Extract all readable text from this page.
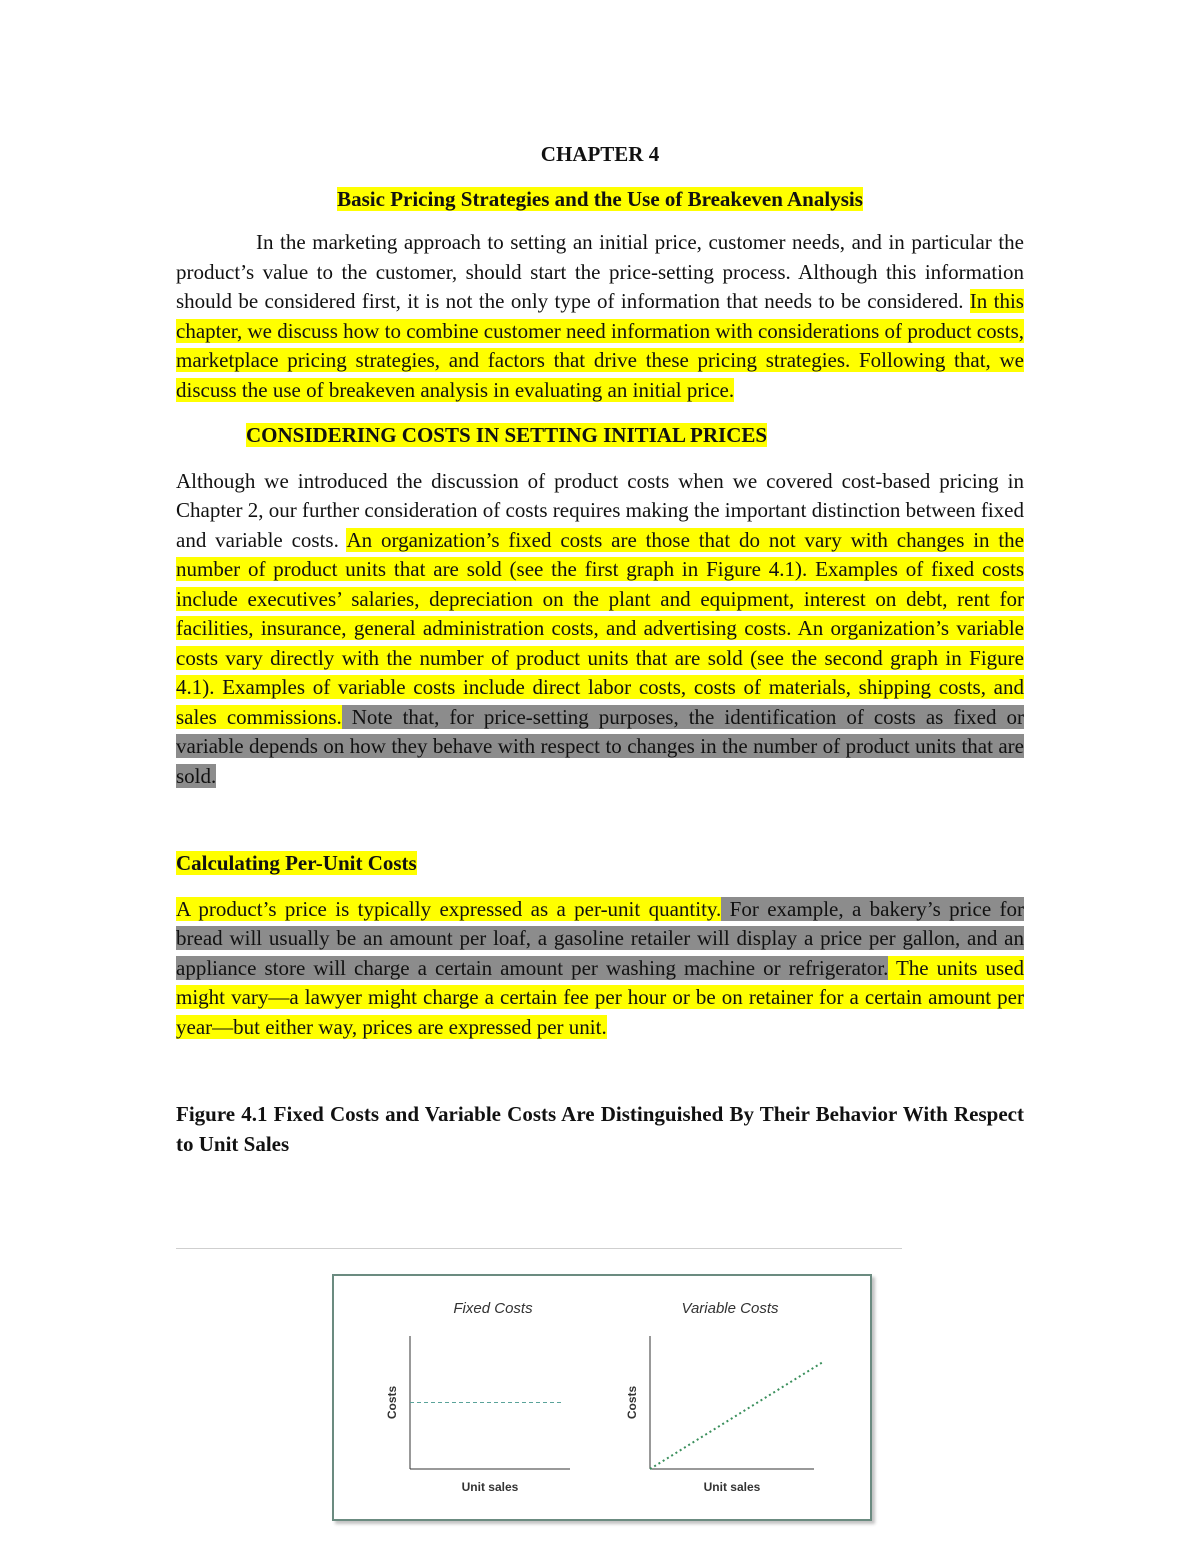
CHAPTER 4

Basic Pricing Strategies and the Use of Breakeven Analysis

In the marketing approach to setting an initial price, customer needs, and in particular the product’s value to the customer, should start the price-setting process. Although this information should be considered first, it is not the only type of information that needs to be considered. In this chapter, we discuss how to combine customer need information with considerations of product costs, marketplace pricing strategies, and factors that drive these pricing strategies. Following that, we discuss the use of breakeven analysis in evaluating an initial price.

CONSIDERING COSTS IN SETTING INITIAL PRICES

Although we introduced the discussion of product costs when we covered cost-based pricing in Chapter 2, our further consideration of costs requires making the important distinction between fixed and variable costs. An organization’s fixed costs are those that do not vary with changes in the number of product units that are sold (see the first graph in Figure 4.1). Examples of fixed costs include executives’ salaries, depreciation on the plant and equipment, interest on debt, rent for facilities, insurance, general administration costs, and advertising costs. An organization’s variable costs vary directly with the number of product units that are sold (see the second graph in Figure 4.1). Examples of variable costs include direct labor costs, costs of materials, shipping costs, and sales commissions. Note that, for price-setting purposes, the identification of costs as fixed or variable depends on how they behave with respect to changes in the number of product units that are sold.

Calculating Per-Unit Costs

A product’s price is typically expressed as a per-unit quantity. For example, a bakery’s price for bread will usually be an amount per loaf, a gasoline retailer will display a price per gallon, and an appliance store will charge a certain amount per washing machine or refrigerator. The units used might vary—a lawyer might charge a certain fee per hour or be on retainer for a certain amount per year—but either way, prices are expressed per unit.

Figure 4.1 Fixed Costs and Variable Costs Are Distinguished By Their Behavior With Respect to Unit Sales

Fixed Costs
Costs
Unit sales
Variable Costs
Costs
Unit sales
